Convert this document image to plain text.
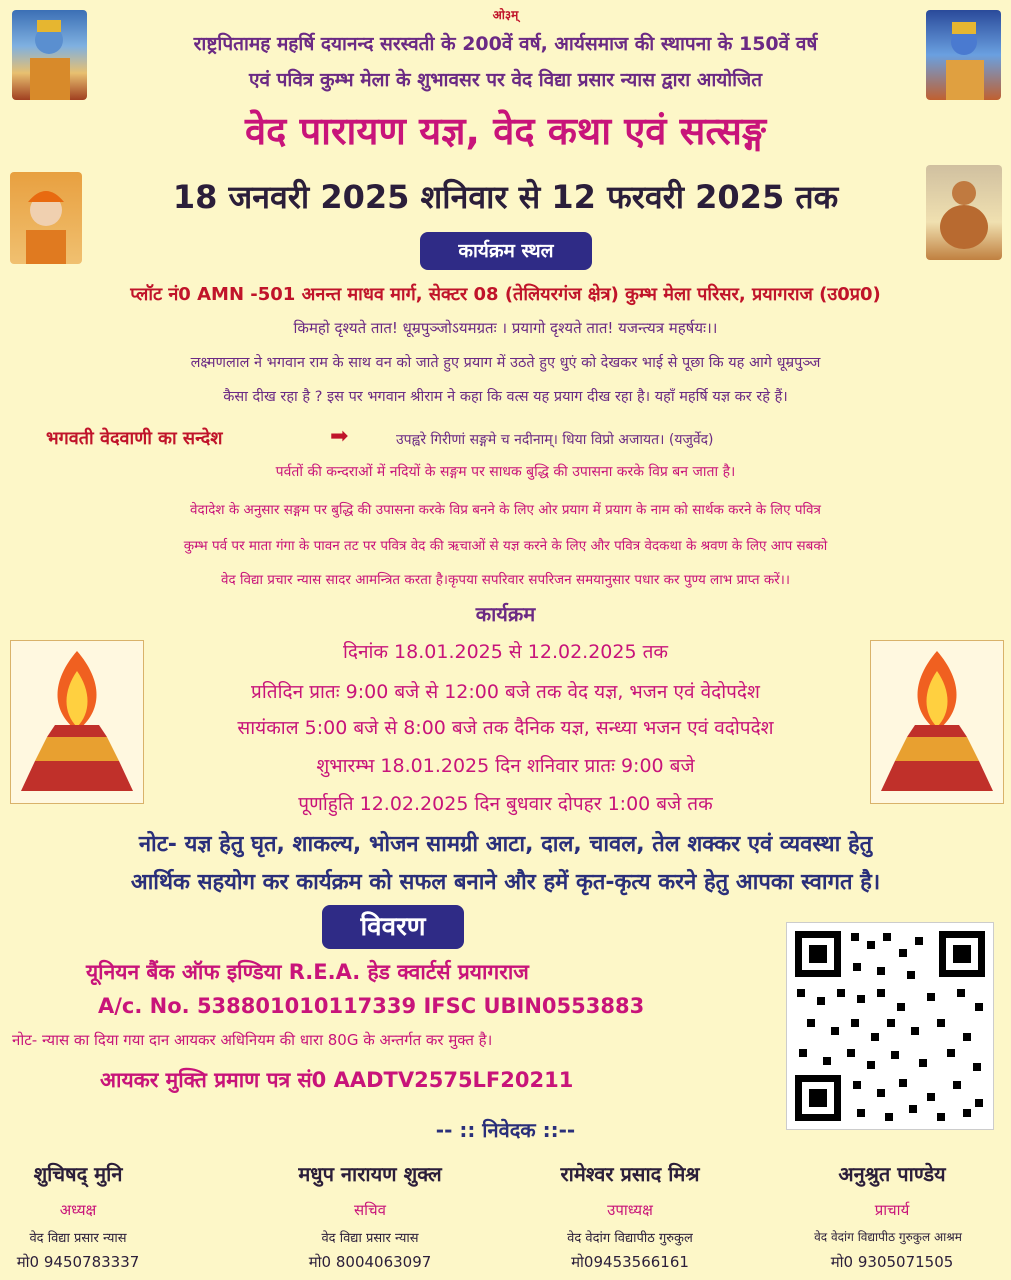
ओ३म्
राष्ट्रपितामह महर्षि दयानन्द सरस्वती के 200वें वर्ष, आर्यसमाज की स्थापना के 150वें वर्ष
एवं पवित्र कुम्भ मेला के शुभावसर पर वेद विद्या प्रसार न्यास द्वारा आयोजित
वेद पारायण यज्ञ, वेद कथा एवं सत्सङ्ग
18 जनवरी 2025 शनिवार से 12 फरवरी 2025 तक
कार्यक्रम स्थल
प्लॉट नं0 AMN -501 अनन्त माधव मार्ग, सेक्टर 08 (तेलियरगंज क्षेत्र) कुम्भ मेला परिसर, प्रयागराज (उ0प्र0)
किमहो दृश्यते तात! धूम्रपुञ्जोऽयमग्रतः । प्रयागो दृश्यते तात! यजन्त्यत्र महर्षयः।।
लक्ष्मणलाल ने भगवान राम के साथ वन को जाते हुए प्रयाग में उठते हुए धुएं को देखकर भाई से पूछा कि यह आगे धूम्रपुञ्ज
कैसा दीख रहा है ? इस पर भगवान श्रीराम ने कहा कि वत्स यह प्रयाग दीख रहा है। यहाँ महर्षि यज्ञ कर रहे हैं।
भगवती वेदवाणी का सन्देश	➡	उपह्वरे गिरीणां सङ्गमे च नदीनाम्। धिया विप्रो अजायत। (यजुर्वेद)
पर्वतों की कन्दराओं में नदियों के सङ्गम पर साधक बुद्धि की उपासना करके विप्र बन जाता है।
वेदादेश के अनुसार सङ्गम पर बुद्धि की उपासना करके विप्र बनने के लिए ओर प्रयाग में प्रयाग के नाम को सार्थक करने के लिए पवित्र
कुम्भ पर्व पर माता गंगा के पावन तट पर पवित्र वेद की ऋचाओं से यज्ञ करने के लिए और पवित्र वेदकथा के श्रवण के लिए आप सबको
वेद विद्या प्रचार न्यास सादर आमन्त्रित करता है।कृपया सपरिवार सपरिजन समयानुसार पधार कर पुण्य लाभ प्राप्त करें।।
कार्यक्रम
दिनांक 18.01.2025 से 12.02.2025 तक
प्रतिदिन प्रातः 9:00 बजे से 12:00 बजे तक वेद यज्ञ, भजन एवं वेदोपदेश
सायंकाल 5:00 बजे से 8:00 बजे तक दैनिक यज्ञ, सन्ध्या भजन एवं वदोपदेश
शुभारम्भ 18.01.2025 दिन शनिवार प्रातः 9:00 बजे
पूर्णाहुति 12.02.2025 दिन बुधवार दोपहर 1:00 बजे तक
नोट- यज्ञ हेतु घृत, शाकल्य, भोजन सामग्री आटा, दाल, चावल, तेल शक्कर एवं व्यवस्था हेतु
आर्थिक सहयोग कर कार्यक्रम को सफल बनाने और हमें कृत-कृत्य करने हेतु आपका स्वागत है।
विवरण
यूनियन बैंक ऑफ इण्डिया R.E.A. हेड क्वार्टर्स प्रयागराज
A/c. No. 53880101011733​9 IFSC UBIN0553883
नोट- न्यास का दिया गया दान आयकर अधिनियम की धारा 80G के अन्तर्गत कर मुक्त है।
आयकर मुक्ति प्रमाण पत्र सं0 AADTV2575LF20211
-- :: निवेदक ::--
शुचिषद् मुनि
अध्यक्ष
वेद विद्या प्रसार न्यास
मो0 9450783337
मधुप नारायण शुक्ल
सचिव
वेद विद्या प्रसार न्यास
मो0 8004063097
रामेश्वर प्रसाद मिश्र
उपाध्यक्ष
वेद वेदांग विद्यापीठ गुरुकुल
मो09453566161
अनुश्रुत पाण्डेय
प्राचार्य
वेद वेदांग विद्यापीठ गुरुकुल आश्रम
मो0 9305071505
